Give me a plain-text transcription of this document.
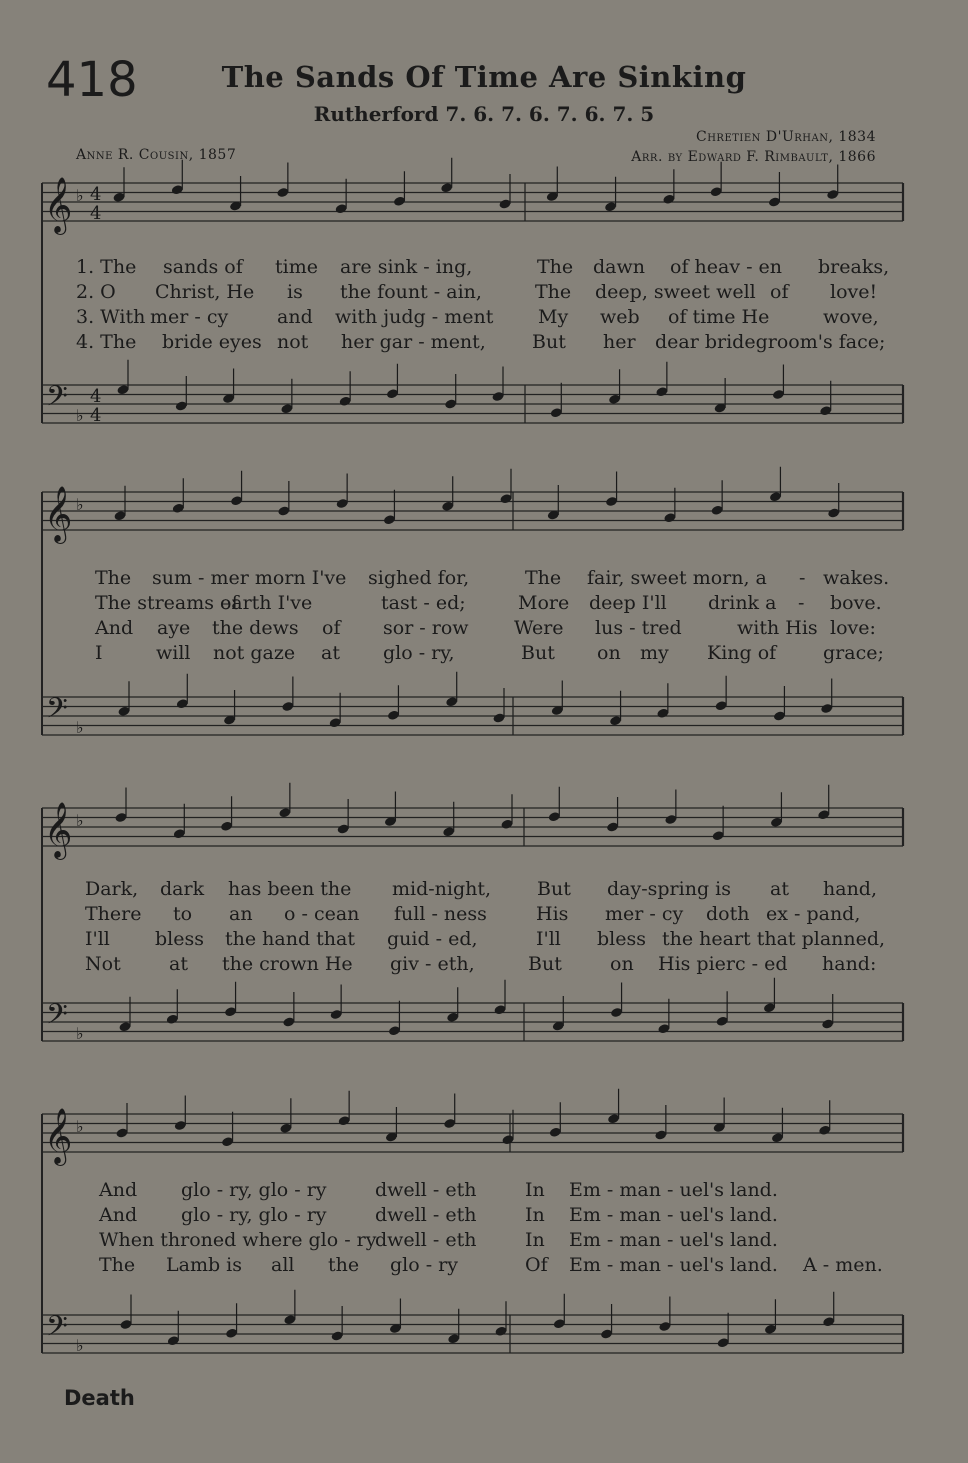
418	The Sands Of Time Are Sinking
Rutherford 7. 6. 7. 6. 7. 6. 7. 5
Anne R. Cousin, 1857
Chretien D'Urhan, 1834
Arr. by Edward F. Rimbault, 1866
𝄞
𝄞
𝄞
𝄞
𝄢
𝄢
𝄢
𝄢
♭
♭
♭
♭
♭
♭
♭
♭
4
4
4
4
1. The sands of time are sink - ing,	The dawn of heav - en breaks,
2. O Christ, He is the fount - ain,	The deep, sweet well of love!
3. With mer - cy	and with judg - ment My web of time He	wove,
4. The bride eyes not her gar - ment, But her dear bridegroom's face;
The sum - mer morn I've sighed for,	The fair, sweet morn, a - wakes.
The streams of
earth I've	tast - ed;	More deep I'll drink a - bove.
And aye the dews of sor - row Were lus - tred	with His love:
I	will not gaze at glo - ry,	But on my King of grace;
Dark, dark has been the mid-night, But day-spring is at hand,
There to an o - cean full - ness	His mer - cy doth ex - pand,
I'll bless the hand that guid - ed,	I'll bless the heart that planned,
Not	at the crown He giv - eth,	But	on His pierc - ed hand:
And glo - ry, glo - ry	dwell - eth	In Em - man - uel's land.
And glo - ry, glo - ry	dwell - eth	In Em - man - uel's land.
When throned where glo - ry
dwell - eth	In Em - man - uel's land.
The Lamb is all the glo - ry	Of Em - man - uel's land. A - men.
Death
